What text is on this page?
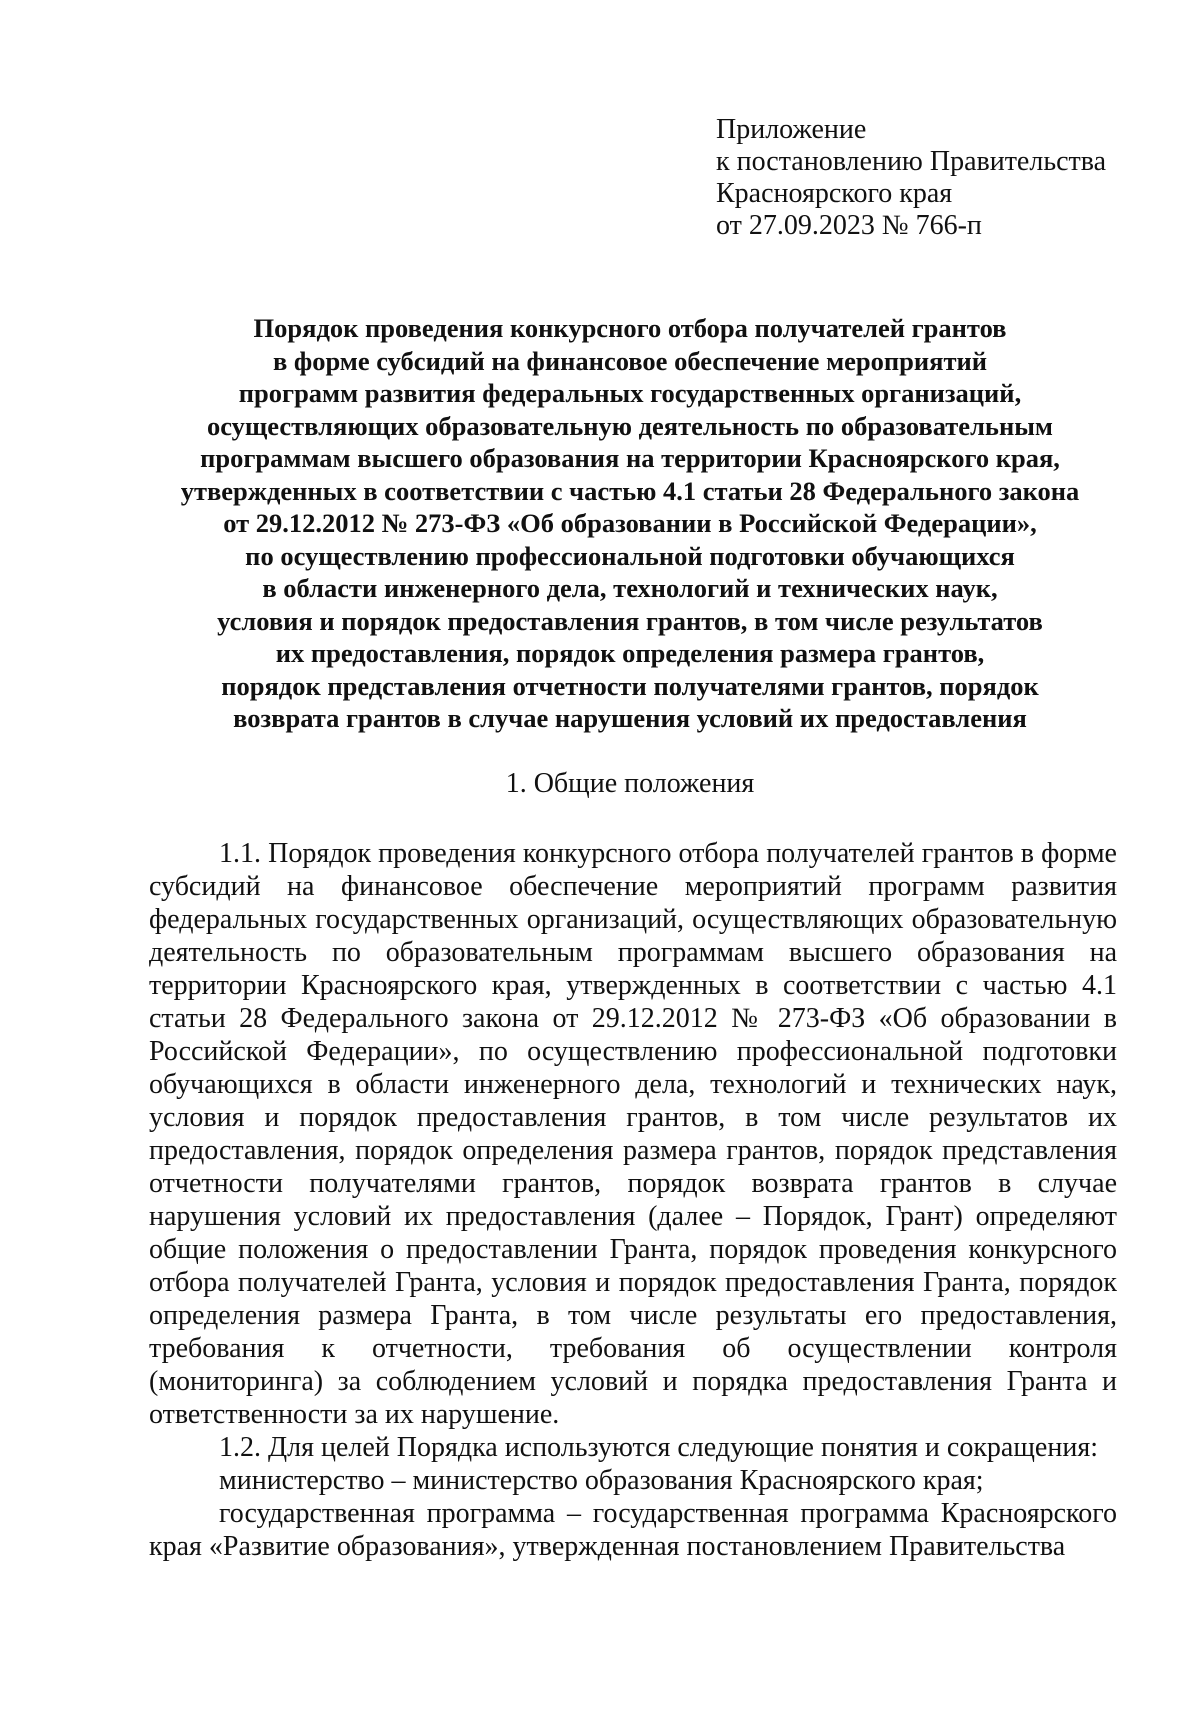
Приложение
к постановлению Правительства
Красноярского края
от 27.09.2023 № 766-п
Порядок проведения конкурсного отбора получателей грантов
в форме субсидий на финансовое обеспечение мероприятий
программ развития федеральных государственных организаций,
осуществляющих образовательную деятельность по образовательным
программам высшего образования на территории Красноярского края,
утвержденных в соответствии с частью 4.1 статьи 28 Федерального закона
от 29.12.2012 № 273-ФЗ «Об образовании в Российской Федерации»,
по осуществлению профессиональной подготовки обучающихся
в области инженерного дела, технологий и технических наук,
условия и порядок предоставления грантов, в том числе результатов
их предоставления, порядок определения размера грантов,
порядок представления отчетности получателями грантов, порядок
возврата грантов в случае нарушения условий их предоставления
1. Общие положения

1.1. Порядок проведения конкурсного отбора получателей грантов в форме субсидий на финансовое обеспечение мероприятий программ развития федеральных государственных организаций, осуществляющих образовательную деятельность по образовательным программам высшего образования на территории Красноярского края, утвержденных в соответствии с частью 4.1 статьи 28 Федерального закона от 29.12.2012 № 273-ФЗ «Об образовании в Российской Федерации», по осуществлению профессиональной подготовки обучающихся в области инженерного дела, технологий и технических наук, условия и порядок предоставления грантов, в том числе результатов их предоставления, порядок определения размера грантов, порядок представления отчетности получателями грантов, порядок возврата грантов в случае нарушения условий их предоставления (далее – Порядок, Грант) определяют общие положения о предоставлении Гранта, порядок проведения конкурсного отбора получателей Гранта, условия и порядок предоставления Гранта, порядок определения размера Гранта, в том числе результаты его предоставления, требования к отчетности, требования об осуществлении контроля (мониторинга) за соблюдением условий и порядка предоставления Гранта и ответственности за их нарушение.

1.2. Для целей Порядка используются следующие понятия и сокращения:

министерство – министерство образования Красноярского края;

государственная программа – государственная программа Красноярского края «Развитие образования», утвержденная постановлением Правительства
